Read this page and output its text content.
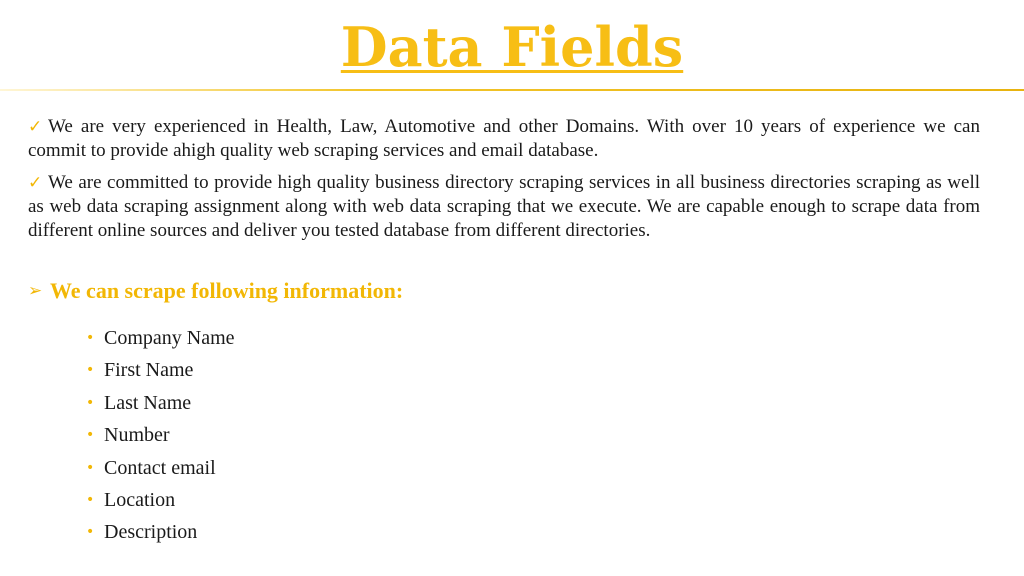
Data Fields

✓ We are very experienced in Health, Law, Automotive and other Domains. With over 10 years of experience we can commit to provide ahigh quality web scraping services and email database.

✓ We are committed to provide high quality business directory scraping services in all business directories scraping as well as web data scraping assignment along with web data scraping that we execute. We are capable enough to scrape data from different online sources and deliver you tested database from different directories.

➢ We can scrape following information:
• Company Name
• First Name
• Last Name
• Number
• Contact email
• Location
• Description
